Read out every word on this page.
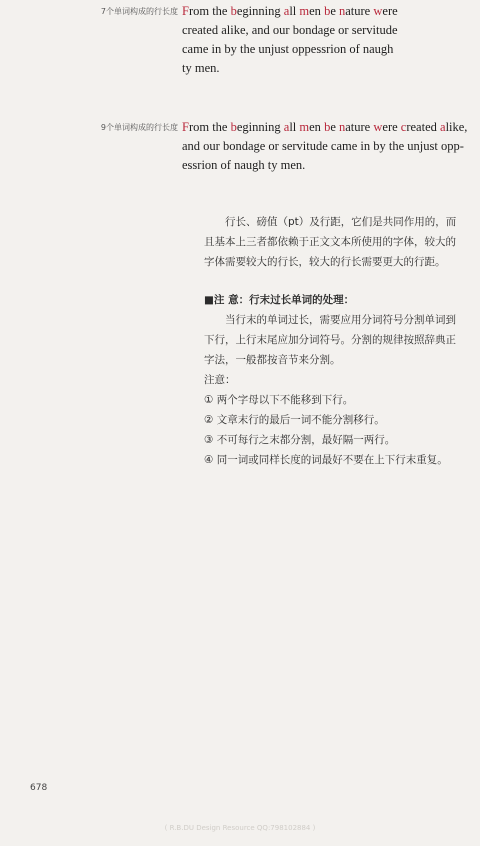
7个单词构成的行长度 From the beginning all men be nature were
created alike, and our bondage or servitude
came in by the unjust oppessrion of naugh
ty men.
9个单词构成的行长度 From the beginning all men be nature were created alike,
and our bondage or servitude came in by the unjust opp-
essrion of naugh ty men.
行长、磅值（pt）及行距，它们是共同作用的，而且基本上三者都依赖于正文文本所使用的字体，较大的字体需要较大的行长，较大的行长需要更大的行距。
■注 意：行末过长单词的处理：

当行末的单词过长，需要应用分词符号分割单词到下行，上行末尾应加分词符号。分割的规律按照辞典正字法，一般都按音节来分割。

注意：
① 两个字母以下不能移到下行。
② 文章末行的最后一词不能分割移行。
③ 不可每行之末都分割，最好隔一两行。
④ 同一词或同样长度的词最好不要在上下行末重复。
678
( R.B.DU Design Resource QQ:798102884 )
